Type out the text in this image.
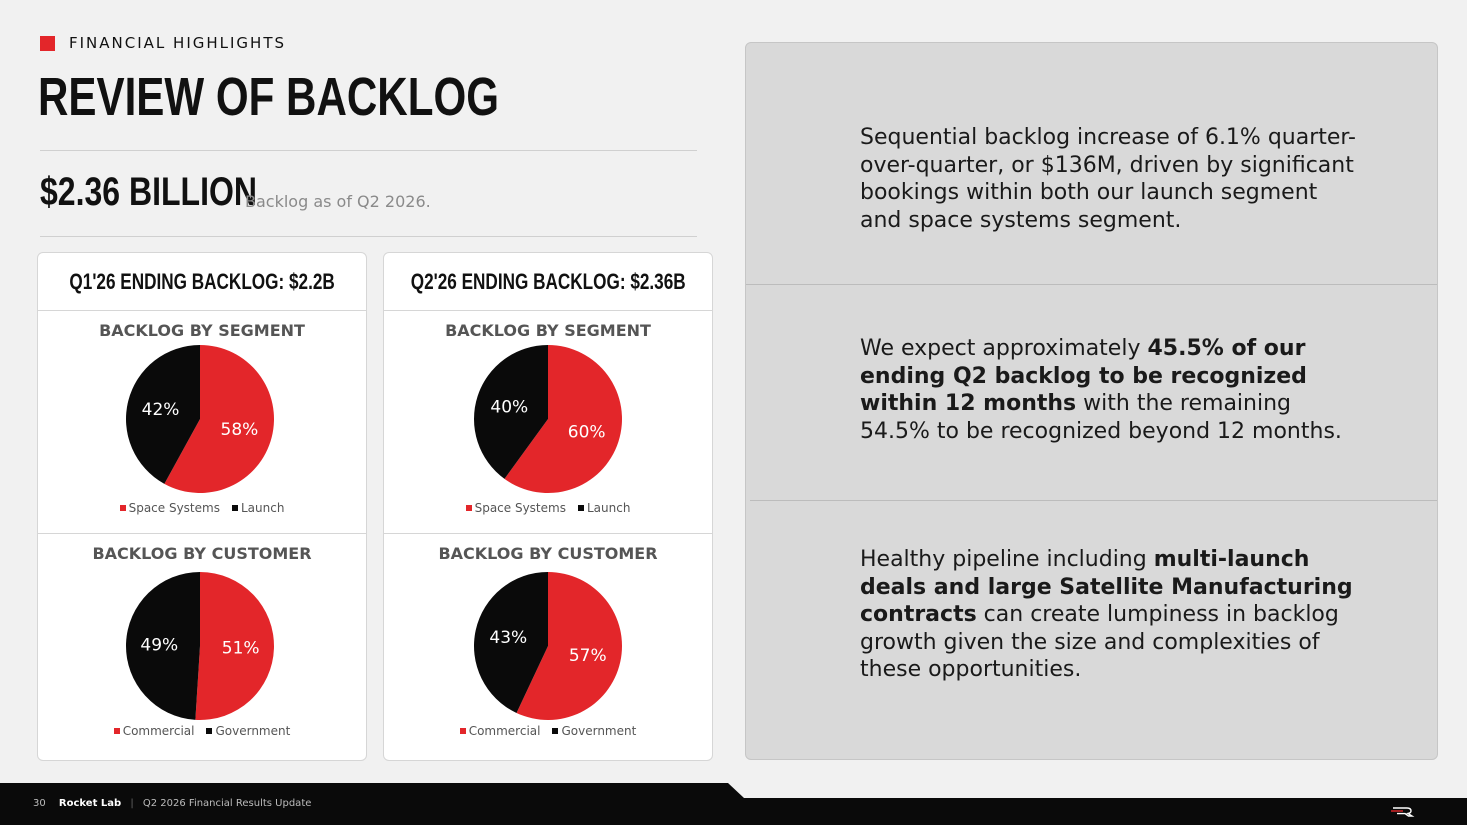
FINANCIAL HIGHLIGHTS
REVIEW OF BACKLOG
$2.36 BILLION
Backlog as of Q2 2026.
Q1'26 ENDING BACKLOG: $2.2B
BACKLOG BY SEGMENT
58%
42%
Space Systems Launch
BACKLOG BY CUSTOMER
51%
49%
Commercial Government
Q2'26 ENDING BACKLOG: $2.36B
BACKLOG BY SEGMENT
60%
40%
Space Systems Launch
BACKLOG BY CUSTOMER
57%
43%
Commercial Government
Sequential backlog increase of 6.1% quarter-over-quarter, or $136M, driven by significant bookings within both our launch segment and space systems segment.
We expect approximately 45.5% of our ending Q2 backlog to be recognized within 12 months with the remaining 54.5% to be recognized beyond 12 months.
Healthy pipeline including multi-launch deals and large Satellite Manufacturing contracts can create lumpiness in backlog growth given the size and complexities of these opportunities.
30 Rocket Lab | Q2 2026 Financial Results Update
